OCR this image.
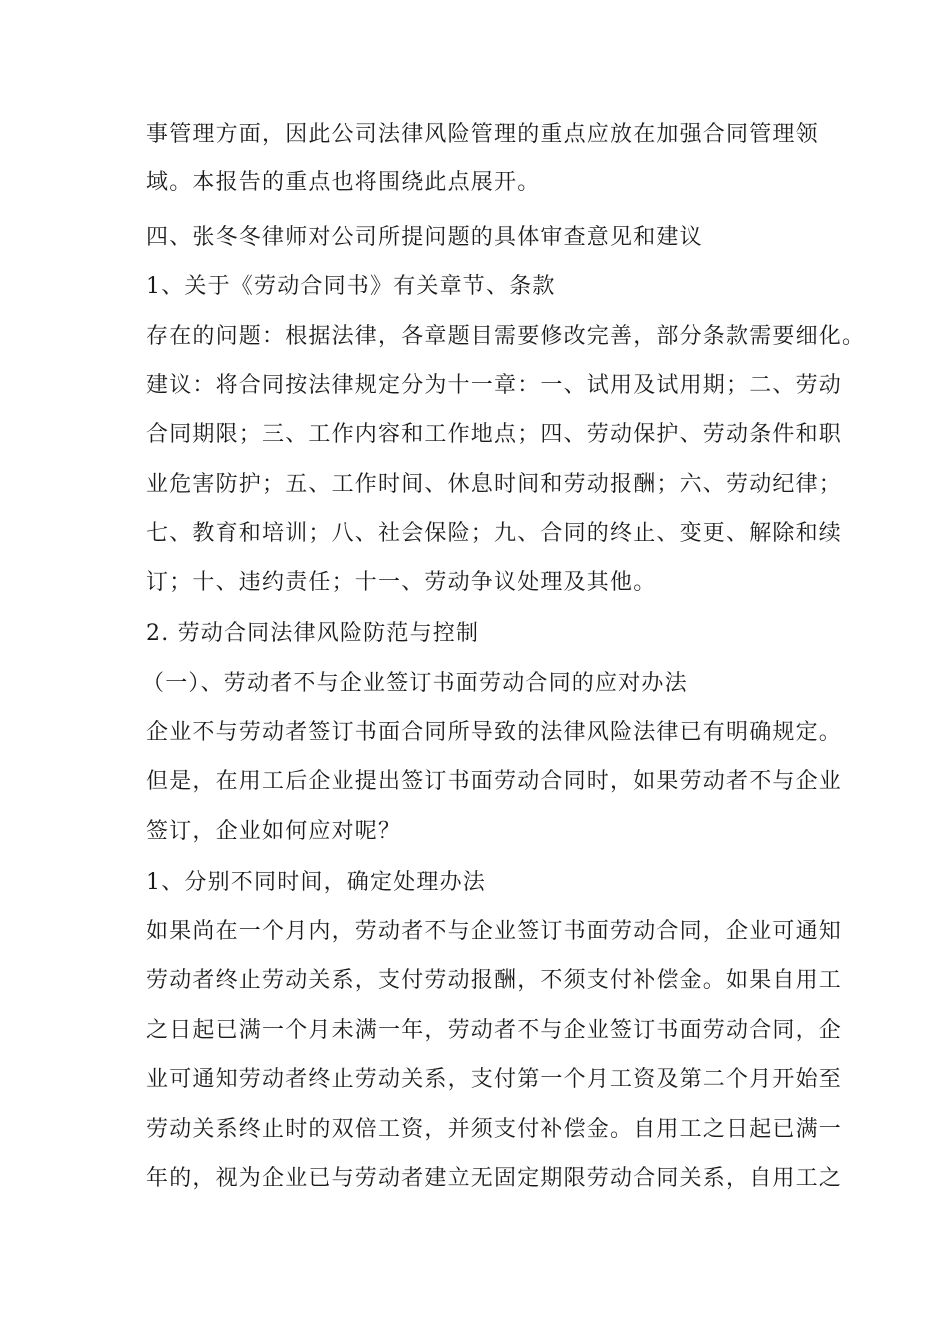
事管理方面，因此公司法律风险管理的重点应放在加强合同管理领
域。本报告的重点也将围绕此点展开。
四、张冬冬律师对公司所提问题的具体审查意见和建议
1、关于《劳动合同书》有关章节、条款
存在的问题：根据法律，各章题目需要修改完善，部分条款需要细化。
建议：将合同按法律规定分为十一章：一、试用及试用期；二、劳动
合同期限；三、工作内容和工作地点；四、劳动保护、劳动条件和职
业危害防护；五、工作时间、休息时间和劳动报酬；六、劳动纪律；
七、教育和培训；八、社会保险；九、合同的终止、变更、解除和续
订；十、违约责任；十一、劳动争议处理及其他。
2. 劳动合同法律风险防范与控制
（一）、劳动者不与企业签订书面劳动合同的应对办法
企业不与劳动者签订书面合同所导致的法律风险法律已有明确规定。
但是，在用工后企业提出签订书面劳动合同时，如果劳动者不与企业
签订，企业如何应对呢？
1、分别不同时间，确定处理办法
如果尚在一个月内，劳动者不与企业签订书面劳动合同，企业可通知
劳动者终止劳动关系，支付劳动报酬，不须支付补偿金。如果自用工
之日起已满一个月未满一年，劳动者不与企业签订书面劳动合同，企
业可通知劳动者终止劳动关系，支付第一个月工资及第二个月开始至
劳动关系终止时的双倍工资，并须支付补偿金。自用工之日起已满一
年的，视为企业已与劳动者建立无固定期限劳动合同关系，自用工之
